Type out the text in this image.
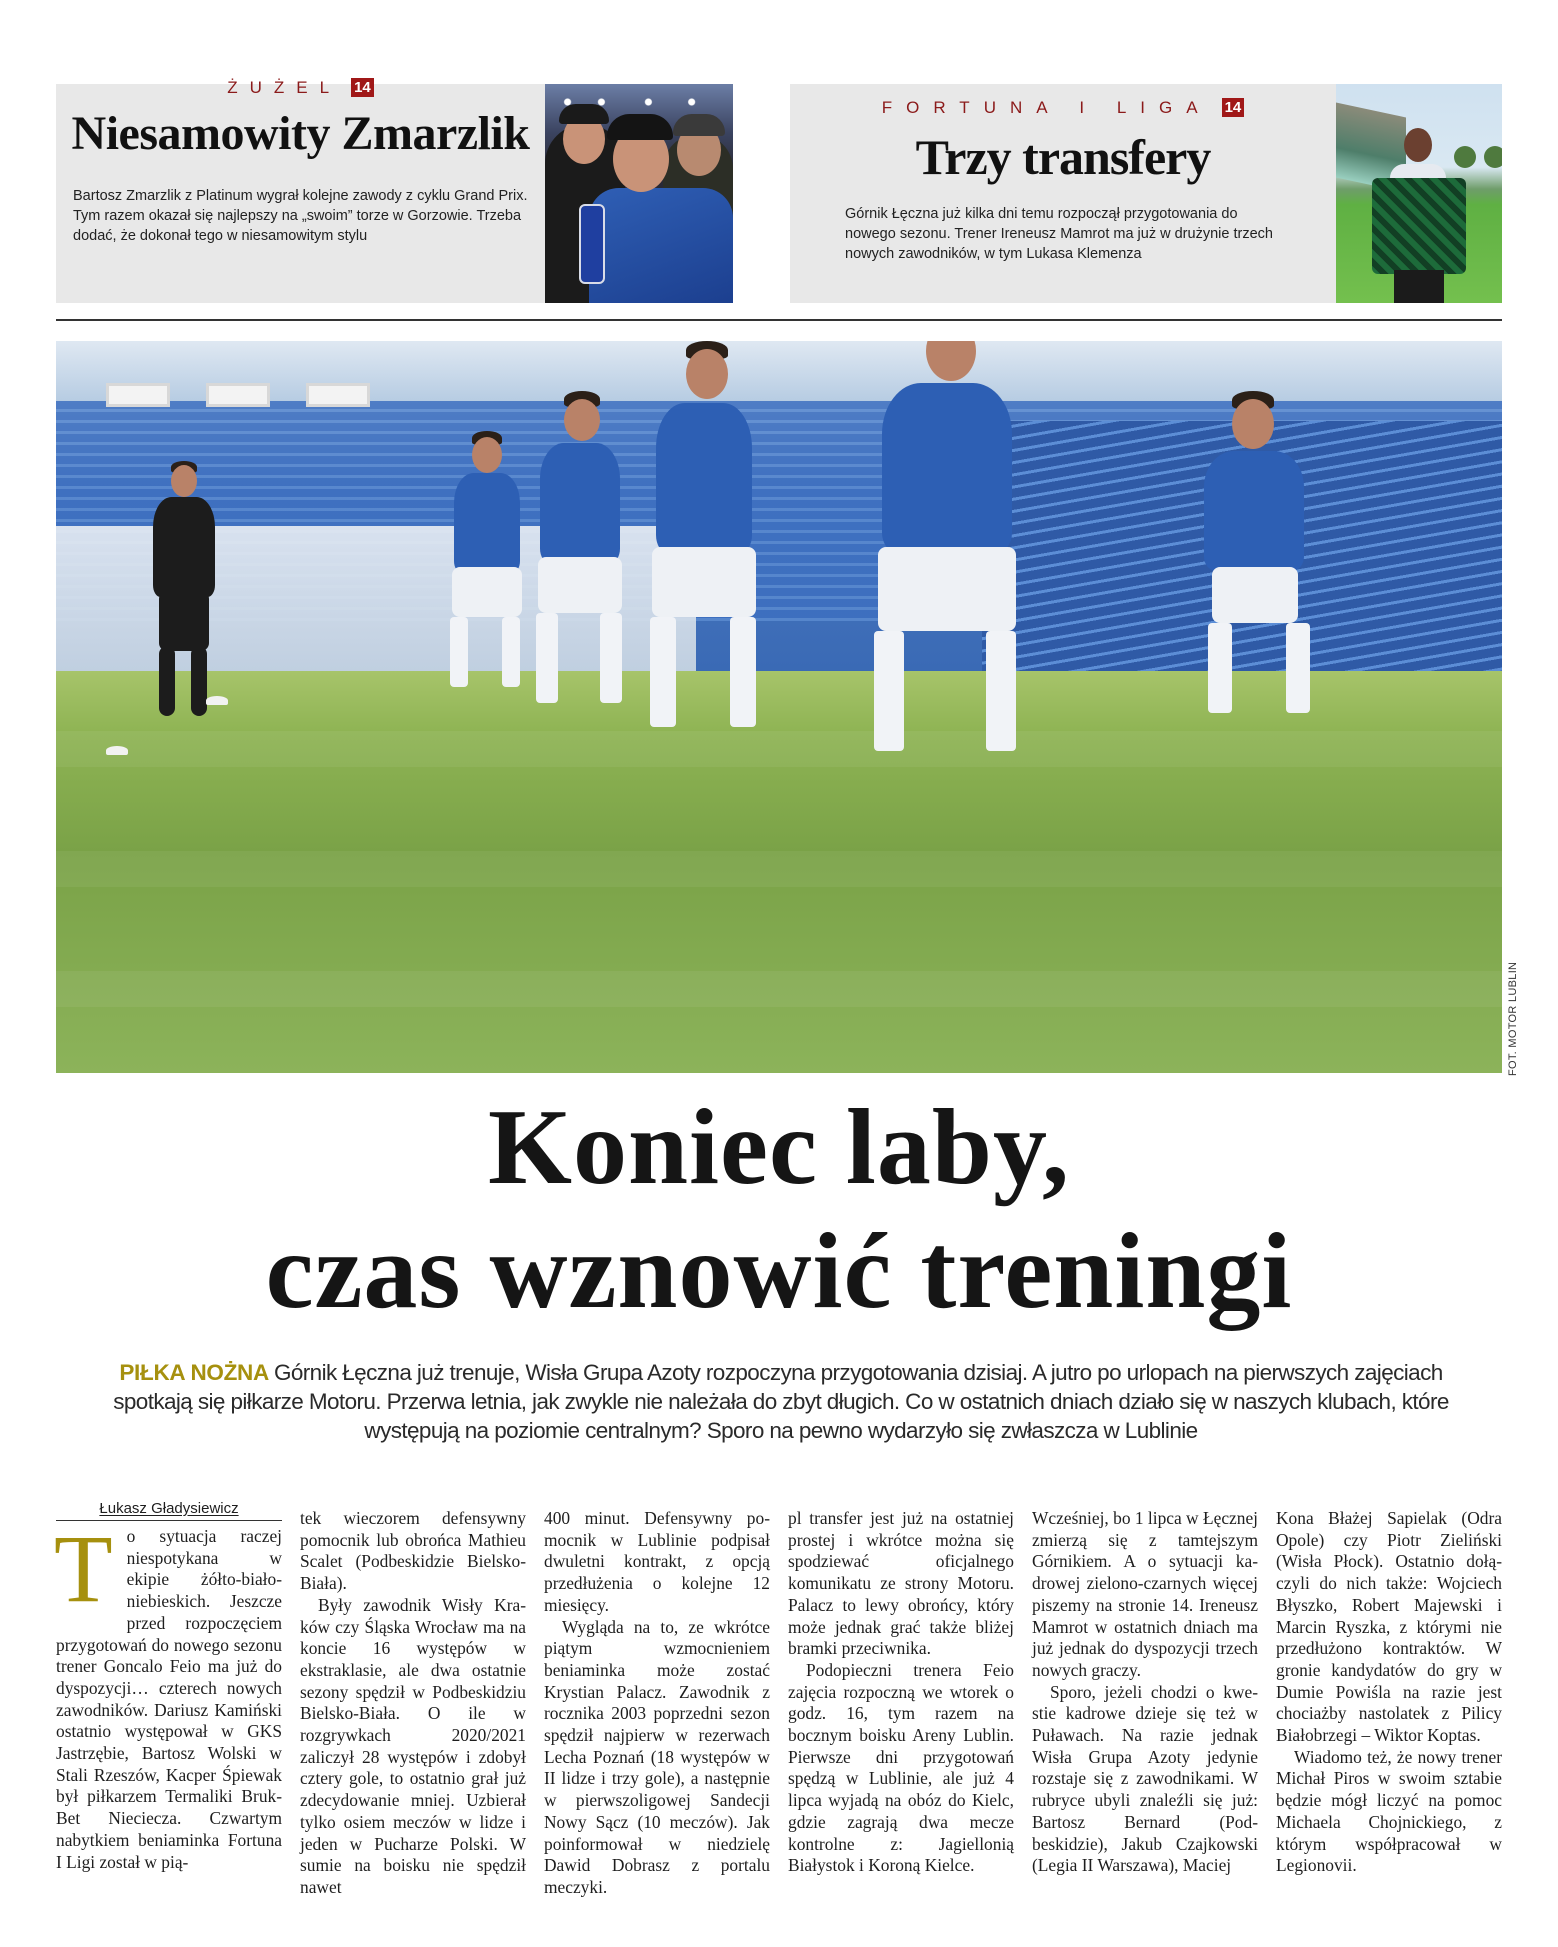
ŻUŻEL 14
Niesamowity Zmarzlik
Bartosz Zmarzlik z Platinum wygrał kolejne zawody z cyklu Grand Prix. Tym razem okazał się najlepszy na „swoim” torze w Gorzowie. Trzeba dodać, że dokonał tego w niesamowitym stylu
FORTUNA I LIGA 14
Trzy transfery
Górnik Łęczna już kilka dni temu rozpoczął przygotowania do nowego sezonu. Trener Ireneusz Mamrot ma już w drużynie trzech nowych zawodników, w tym Lukasa Klemenza
FOT. MOTOR LUBLIN
Koniec laby,
czas wznowić treningi
PIŁKA NOŻNA Górnik Łęczna już trenuje, Wisła Grupa Azoty rozpoczyna przygotowania dzisiaj. A jutro po urlopach na pierwszych zajęciach spotkają się piłkarze Motoru. Przerwa letnia, jak zwykle nie należała do zbyt długich. Co w ostatnich dniach działo się w naszych klubach, które występują na poziomie centralnym? Sporo na pewno wydarzyło się zwłaszcza w Lublinie
Łukasz Gładysiewicz
T o sytuacja raczej niespotykana w ekipie żółto-biało-niebieskich. Jeszcze przed rozpoczęciem przygotowań do nowego sezonu trener Goncalo Feio ma już do dyspozycji… czterech nowych zawodników. Dariusz Kamiński ostatnio występował w GKS Jastrzębie, Bartosz Wolski w Stali Rzeszów, Kacper Śpiewak był piłkarzem Termaliki Bruk-Bet Nieciecza. Czwartym nabytkiem beniaminka Fortuna I Ligi został w pią-

tek wieczorem defensywny pomocnik lub obrońca Mathieu Scalet (Podbeskidzie Bielsko-Biała).

Były zawodnik Wisły Kraków czy Śląska Wrocław ma na koncie 16 występów w ekstraklasie, ale dwa ostatnie sezony spędził w Podbeskidziu Bielsko-Biała. O ile w rozgrywkach 2020/2021 zaliczył 28 występów i zdobył cztery gole, to ostatnio grał już zdecydowanie mniej. Uzbierał tylko osiem meczów w lidze i jeden w Pucharze Polski. W sumie na boisku nie spędził nawet

400 minut. Defensywny pomocnik w Lublinie podpisał dwuletni kontrakt, z opcją przedłużenia o kolejne 12 miesięcy.

Wygląda na to, ze wkrótce piątym wzmocnieniem beniaminka może zostać Krystian Palacz. Zawodnik z rocznika 2003 poprzedni sezon spędził najpierw w rezerwach Lecha Poznań (18 występów w II lidze i trzy gole), a następnie w pierwszoligowej Sandecji Nowy Sącz (10 meczów). Jak poinformował w niedzielę Dawid Dobrasz z portalu meczyki.

pl transfer jest już na ostatniej prostej i wkrótce można się spodziewać oficjalnego komunikatu ze strony Motoru. Palacz to lewy obrońcy, który może jednak grać także bliżej bramki przeciwnika.

Podopieczni trenera Feio zajęcia rozpoczną we wtorek o godz. 16, tym razem na bocznym boisku Areny Lublin. Pierwsze dni przygotowań spędzą w Lublinie, ale już 4 lipca wyjadą na obóz do Kielc, gdzie zagrają dwa mecze kontrolne z: Jagiellonią Białystok i Koroną Kielce.

Wcześniej, bo 1 lipca w Łęcznej zmierzą się z tamtejszym Górnikiem. A o sytuacji kadrowej zielono-czarnych więcej piszemy na stronie 14. Ireneusz Mamrot w ostatnich dniach ma już jednak do dyspozycji trzech nowych graczy.

Sporo, jeżeli chodzi o kwestie kadrowe dzieje się też w Puławach. Na razie jednak Wisła Grupa Azoty jedynie rozstaje się z zawodnikami. W rubryce ubyli znaleźli się już: Bartosz Bernard (Podbeskidzie), Jakub Czajkowski (Legia II Warszawa), Maciej

Kona Błażej Sapielak (Odra Opole) czy Piotr Zieliński (Wisła Płock). Ostatnio dołączyli do nich także: Wojciech Błyszko, Robert Majewski i Marcin Ryszka, z którymi nie przedłużono kontraktów. W gronie kandydatów do gry w Dumie Powiśla na razie jest chociażby nastolatek z Pilicy Białobrzegi – Wiktor Koptas.

Wiadomo też, że nowy trener Michał Piros w swoim sztabie będzie mógł liczyć na pomoc Michaela Chojnickiego, z którym współpracował w Legionovii.
